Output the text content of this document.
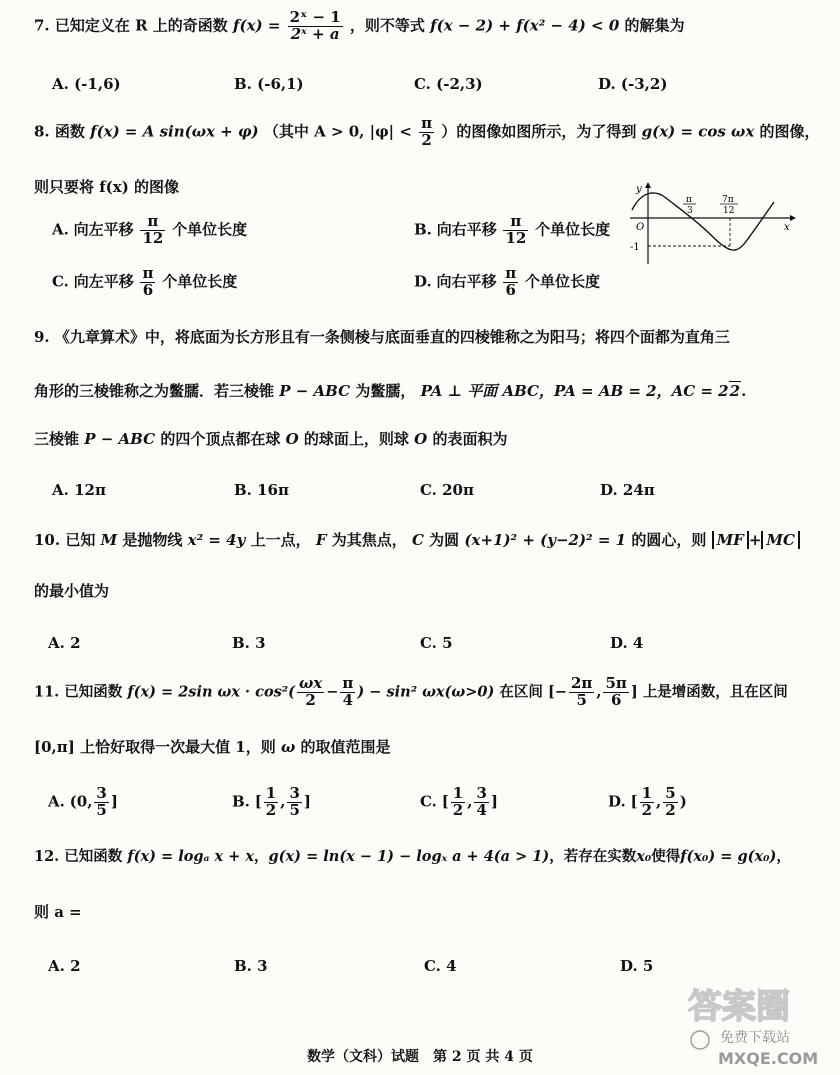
7. 已知定义在 R 上的奇函数 $f(x) = \frac{\text{2ˣ − 1}}{\text{2ˣ + a}}$ ，则不等式 f(x − 2) + f(x² − 4) < 0 的解集为
A. (-1,6)	B. (-6,1)	C. (-2,3)	D. (-3,2)
8. 函数 f(x) = A sin(ωx + φ) （其中 A > 0, $|\varphi| < \frac{\pi}{2}$ ）的图像如图所示，为了得到 g(x) = cos ωx 的图像，
则只要将 f(x) 的图像
A. 向左平移 $\frac{\pi}{12}$ 个单位长度	B. 向右平移 $\frac{\pi}{12}$ 个单位长度
C. 向左平移 $\frac{\pi}{6}$ 个单位长度	D. 向右平移 $\frac{\pi}{6}$ 个单位长度
y
x
O
-1
π
3
7π
12
9. 《九章算术》中，将底面为长方形且有一条侧棱与底面垂直的四棱锥称之为阳马；将四个面都为直角三
角形的三棱锥称之为鳖臑．若三棱锥 P − ABC 为鳖臑， PA ⊥ 平面 ABC，PA = AB = 2，AC = 22.
三棱锥 P − ABC 的四个顶点都在球 O 的球面上，则球 O 的表面积为
A. 12π	B. 16π	C. 20π	D. 24π
10. 已知 M 是抛物线 x² = 4y 上一点， F 为其焦点， C 为圆 (x+1)² + (y−2)² = 1 的圆心，则 MF + MC
的最小值为
A. 2	B. 3	C. 5	D. 4
11. 已知函数 f(x) = 2sin $\omega x \cdot \cos^2( \frac{\omega x}{2} - \frac{\pi}{4}$ ) − sin² ωx(ω>0) 在区间 [− $\frac{2\pi}{5}$ , $\frac{5\pi}{6}$ ] 上是增函数，且在区间
[0,π] 上恰好取得一次最大值 1，则 ω 的取值范围是
A. (0, $\frac{3}{5}$ ]	B. [ $\frac{1}{2}$ , $\frac{3}{5}$ ]	C. [ $\frac{1}{2}$ , $\frac{3}{4}$ ]	D. [ $\frac{1}{2}$ , $\frac{5}{2}$ )
12. 已知函数 f(x) = logₐ x + x，g(x) = ln(x − 1) − logₓ a + 4(a > 1)，若存在实数x₀使得f(x₀) = g(x₀)，
则 a =
A. 2	B. 3	C. 4	D. 5
数学（文科）试题　第 2 页 共 4 页
答案圈
免费下载站
MXQE.COM
